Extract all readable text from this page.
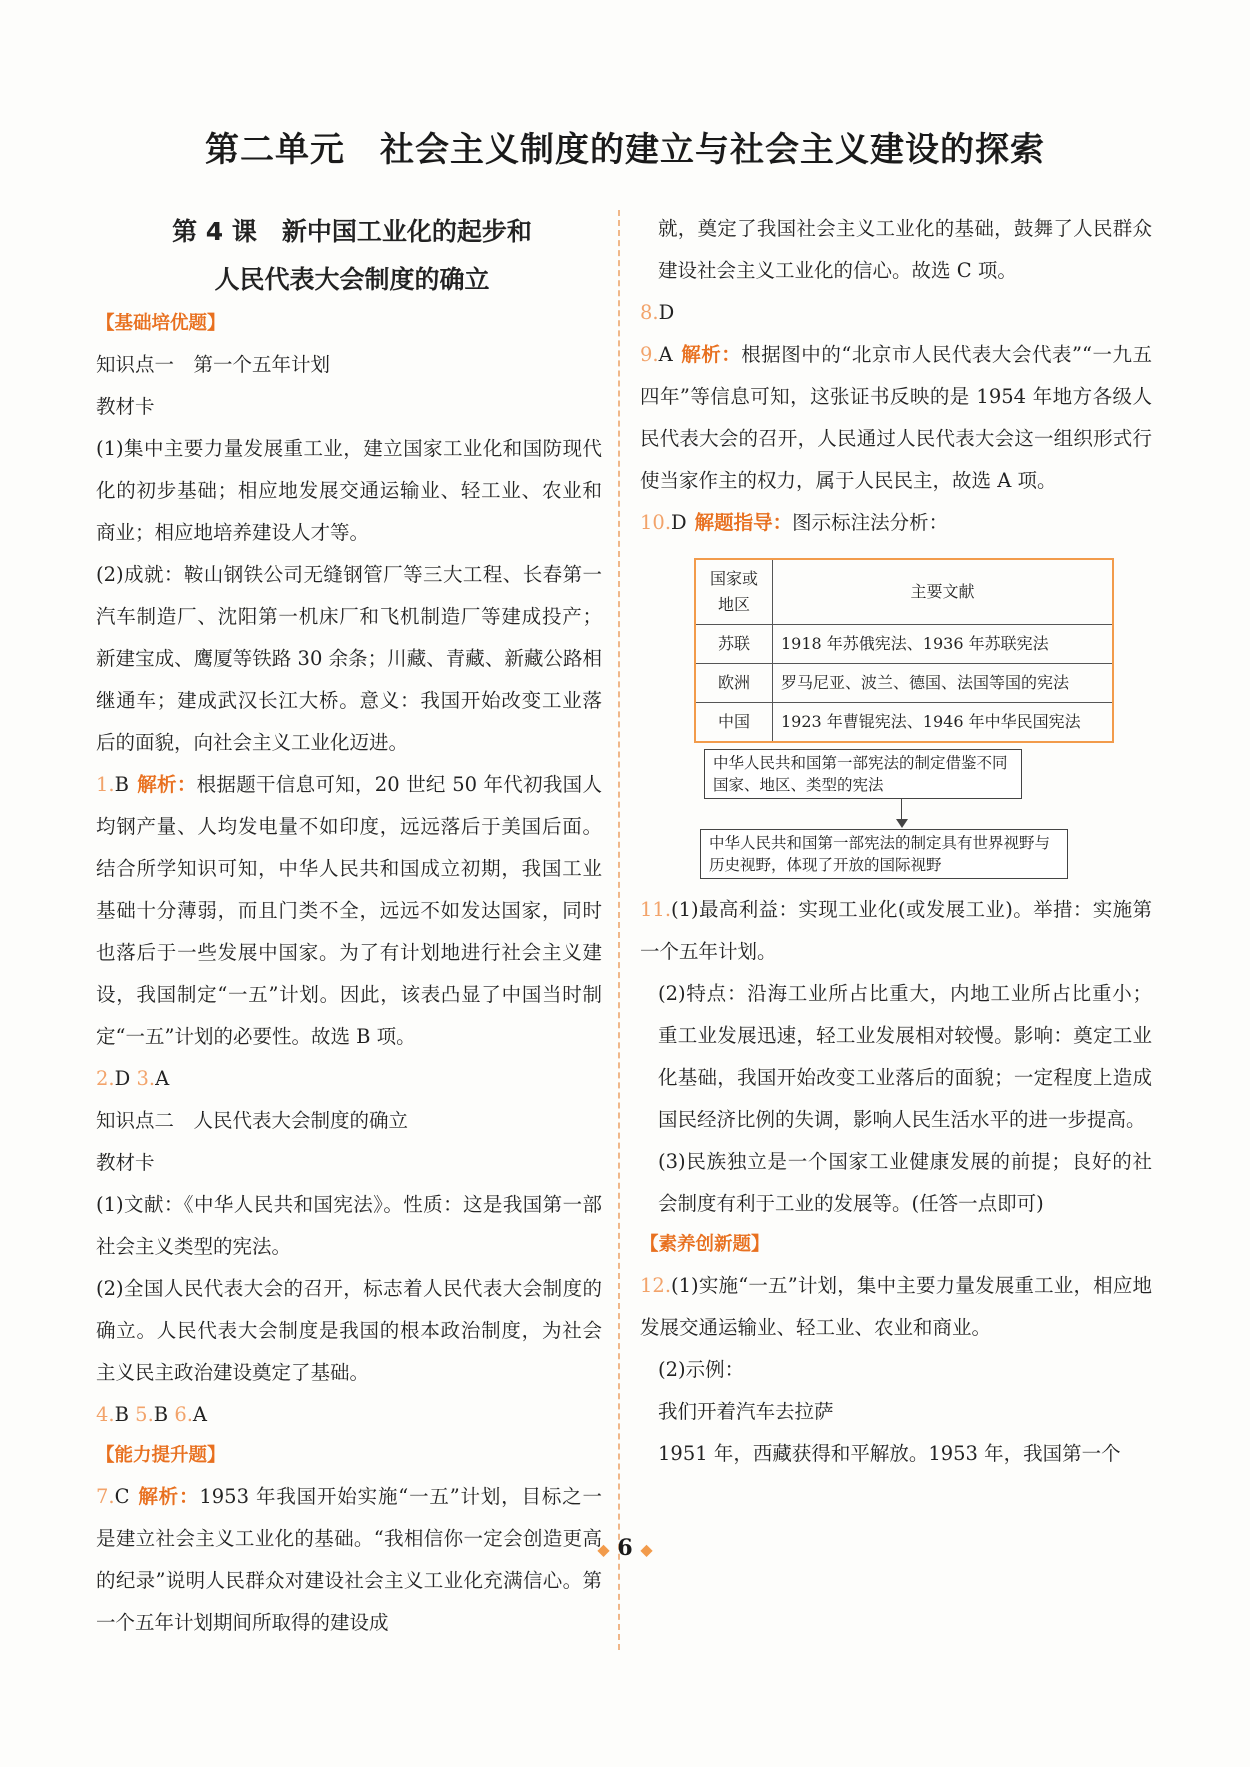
第二单元　社会主义制度的建立与社会主义建设的探索
第 4 课　新中国工业化的起步和
人民代表大会制度的确立
【基础培优题】
知识点一　第一个五年计划
教材卡
(1)集中主要力量发展重工业，建立国家工业化和国防现代化的初步基础；相应地发展交通运输业、轻工业、农业和商业；相应地培养建设人才等。
(2)成就：鞍山钢铁公司无缝钢管厂等三大工程、长春第一汽车制造厂、沈阳第一机床厂和飞机制造厂等建成投产；新建宝成、鹰厦等铁路 30 余条；川藏、青藏、新藏公路相继通车；建成武汉长江大桥。意义：我国开始改变工业落后的面貌，向社会主义工业化迈进。
1.B 解析：根据题干信息可知，20 世纪 50 年代初我国人均钢产量、人均发电量不如印度，远远落后于美国后面。结合所学知识可知，中华人民共和国成立初期，我国工业基础十分薄弱，而且门类不全，远远不如发达国家，同时也落后于一些发展中国家。为了有计划地进行社会主义建设，我国制定“一五”计划。因此，该表凸显了中国当时制定“一五”计划的必要性。故选 B 项。
2.D 3.A
知识点二　人民代表大会制度的确立
教材卡
(1)文献：《中华人民共和国宪法》。性质：这是我国第一部社会主义类型的宪法。
(2)全国人民代表大会的召开，标志着人民代表大会制度的确立。人民代表大会制度是我国的根本政治制度，为社会主义民主政治建设奠定了基础。
4.B 5.B 6.A
【能力提升题】
7.C 解析：1953 年我国开始实施“一五”计划，目标之一是建立社会主义工业化的基础。“我相信你一定会创造更高的纪录”说明人民群众对建设社会主义工业化充满信心。第一个五年计划期间所取得的建设成
就，奠定了我国社会主义工业化的基础，鼓舞了人民群众建设社会主义工业化的信心。故选 C 项。
8.D
9.A 解析：根据图中的“北京市人民代表大会代表”“一九五四年”等信息可知，这张证书反映的是 1954 年地方各级人民代表大会的召开，人民通过人民代表大会这一组织形式行使当家作主的权力，属于人民民主，故选 A 项。
10.D 解题指导：图示标注法分析：
国家或地区	主要文献
苏联	1918 年苏俄宪法、1936 年苏联宪法
欧洲	罗马尼亚、波兰、德国、法国等国的宪法
中国	1923 年曹锟宪法、1946 年中华民国宪法
中华人民共和国第一部宪法的制定借鉴不同国家、地区、类型的宪法
中华人民共和国第一部宪法的制定具有世界视野与历史视野，体现了开放的国际视野
11.(1)最高利益：实现工业化(或发展工业)。举措：实施第一个五年计划。
(2)特点：沿海工业所占比重大，内地工业所占比重小；重工业发展迅速，轻工业发展相对较慢。影响：奠定工业化基础，我国开始改变工业落后的面貌；一定程度上造成国民经济比例的失调，影响人民生活水平的进一步提高。
(3)民族独立是一个国家工业健康发展的前提；良好的社会制度有利于工业的发展等。(任答一点即可)
【素养创新题】
12.(1)实施“一五”计划，集中主要力量发展重工业，相应地发展交通运输业、轻工业、农业和商业。
(2)示例：
我们开着汽车去拉萨
1951 年，西藏获得和平解放。1953 年，我国第一个
◆ 6 ◆
